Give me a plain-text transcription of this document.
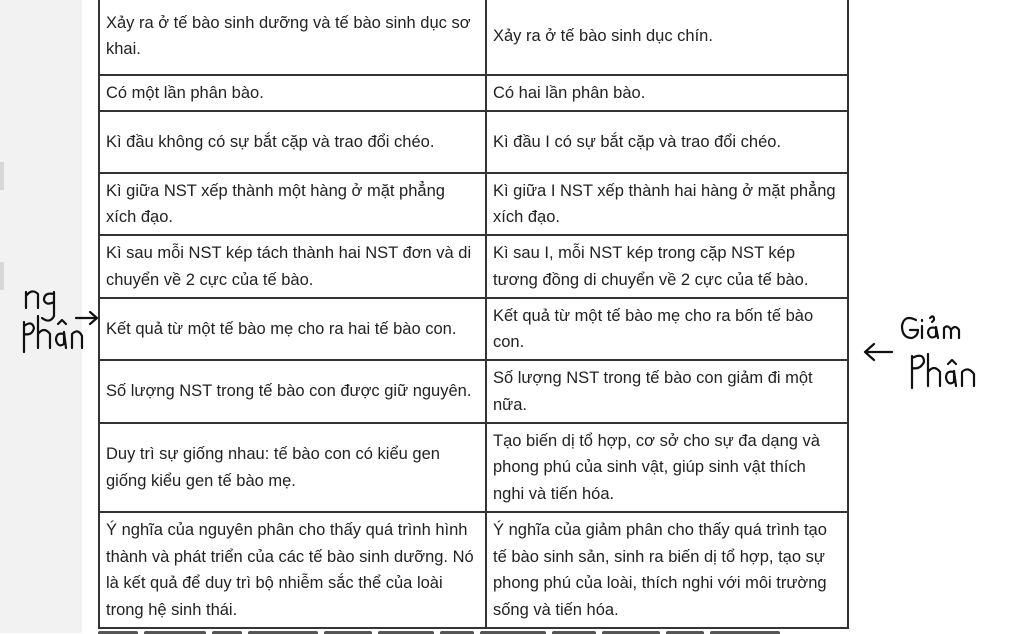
Xảy ra ở tế bào sinh dưỡng và tế bào sinh dục sơ khai.	Xảy ra ở tế bào sinh dục chín.
Có một lần phân bào.	Có hai lần phân bào.
Kì đầu không có sự bắt cặp và trao đổi chéo.	Kì đầu I có sự bắt cặp và trao đổi chéo.
Kì giữa NST xếp thành một hàng ở mặt phẳng xích đạo.	Kì giữa I NST xếp thành hai hàng ở mặt phẳng xích đạo.
Kì sau mỗi NST kép tách thành hai NST đơn và di chuyển về 2 cực của tế bào.	Kì sau I, mỗi NST kép trong cặp NST kép tương đồng di chuyển về 2 cực của tế bào.
Kết quả từ một tế bào mẹ cho ra hai tế bào con.	Kết quả từ một tế bào mẹ cho ra bốn tế bào con.
Số lượng NST trong tế bào con được giữ nguyên.	Số lượng NST trong tế bào con giảm đi một nữa.
Duy trì sự giống nhau: tế bào con có kiểu gen giống kiểu gen tế bào mẹ.	Tạo biến dị tổ hợp, cơ sở cho sự đa dạng và phong phú của sinh vật, giúp sinh vật thích nghi và tiến hóa.
Ý nghĩa của nguyên phân cho thấy quá trình hình thành và phát triển của các tế bào sinh dưỡng. Nó là kết quả để duy trì bộ nhiễm sắc thể của loài trong hệ sinh thái.	Ý nghĩa của giảm phân cho thấy quá trình tạo tế bào sinh sản, sinh ra biến dị tổ hợp, tạo sự phong phú của loài, thích nghi với môi trường sống và tiến hóa.
